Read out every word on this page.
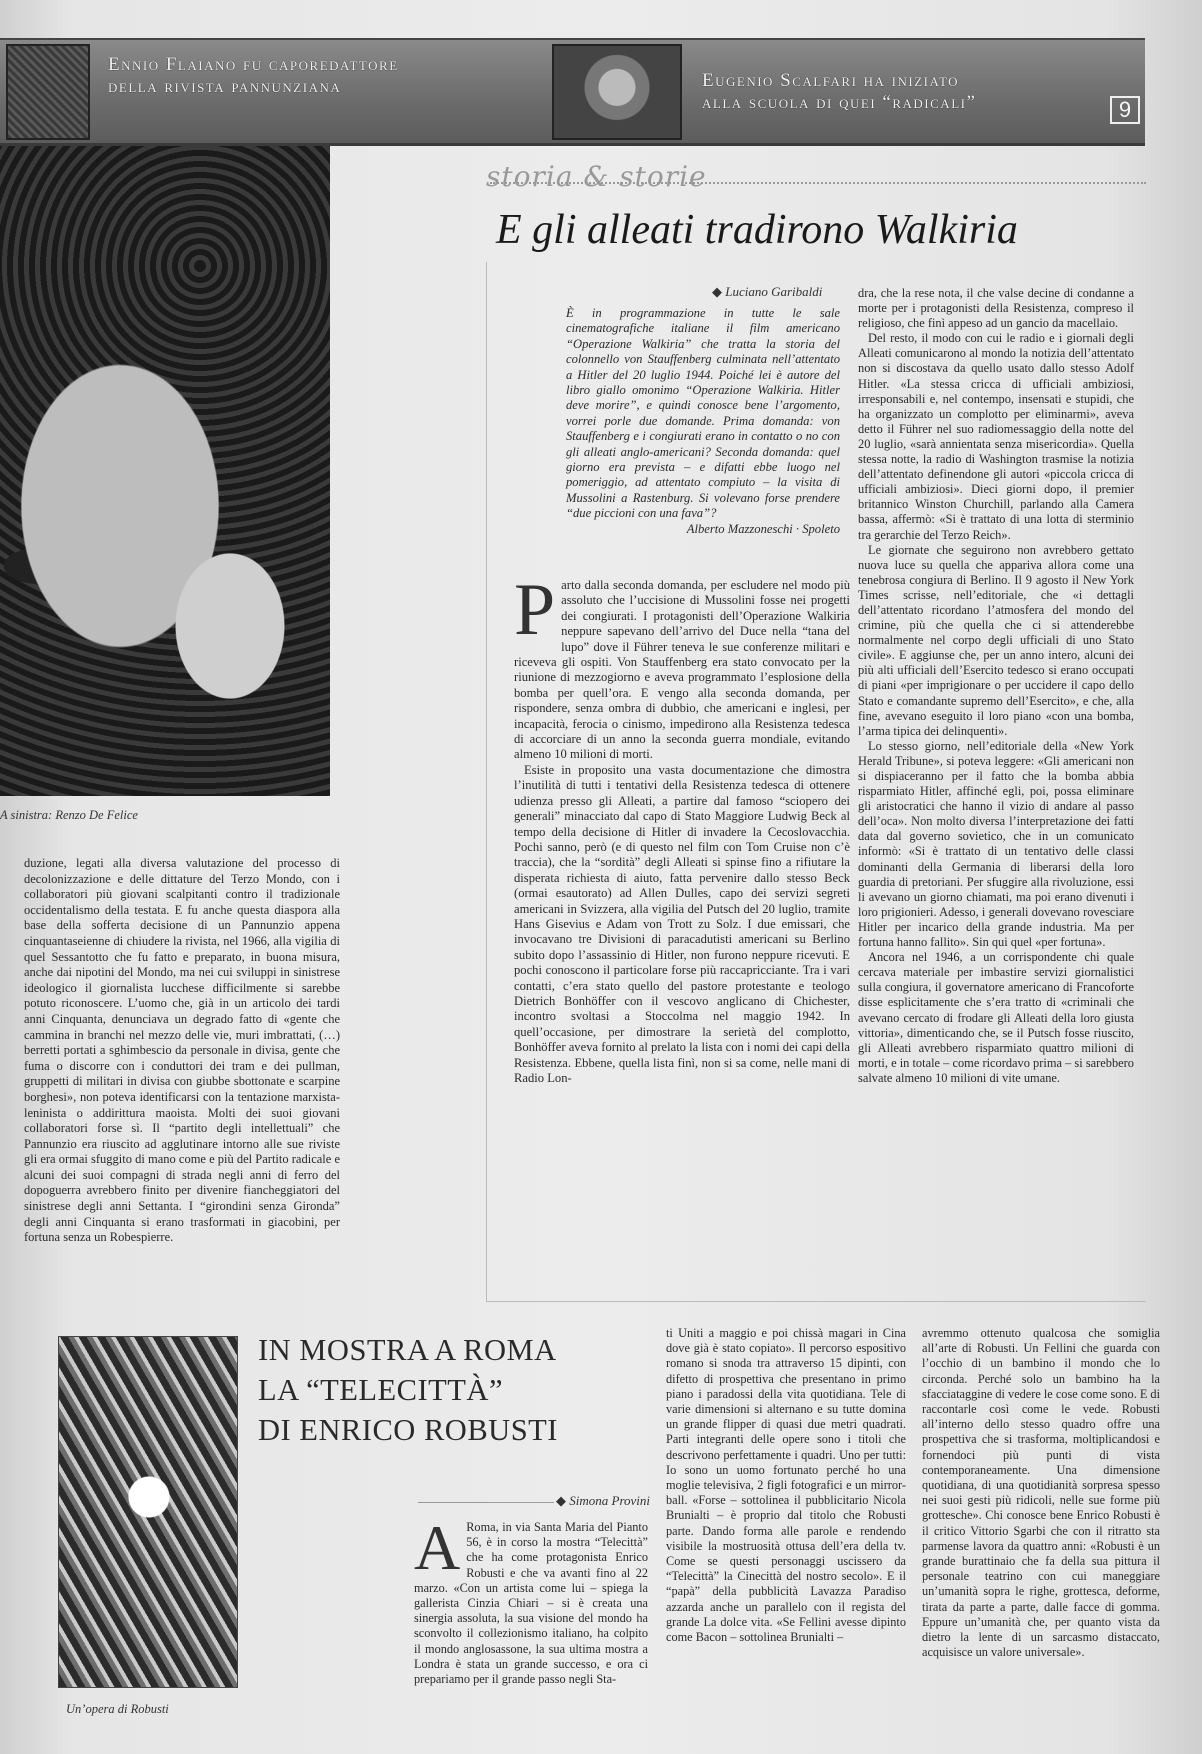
Ennio Flaiano fu caporedattore
della rivista pannunziana	Eugenio Scalfari ha iniziato
alla scuola di quei “radicali”	9
A sinistra: Renzo De Felice

duzione, legati alla diversa valutazione del processo di decolonizzazione e delle dittature del Terzo Mondo, con i collaboratori più giovani scalpitanti contro il tradizionale occidentalismo della testata. E fu anche questa diaspora alla base della sofferta decisione di un Pannunzio appena cinquantaseienne di chiudere la rivista, nel 1966, alla vigilia di quel Sessantotto che fu fatto e preparato, in buona misura, anche dai nipotini del Mondo, ma nei cui sviluppi in sinistrese ideologico il giornalista lucchese difficilmente si sarebbe potuto riconoscere. L’uomo che, già in un articolo dei tardi anni Cinquanta, denunciava un degrado fatto di «gente che cammina in branchi nel mezzo delle vie, muri imbrattati, (…) berretti portati a sghimbescio da personale in divisa, gente che fuma o discorre con i conduttori dei tram e dei pullman, gruppetti di militari in divisa con giubbe sbottonate e scarpine borghesi», non poteva identificarsi con la tentazione marxista-leninista o addirittura maoista. Molti dei suoi giovani collaboratori forse sì. Il “partito degli intellettuali” che Pannunzio era riuscito ad agglutinare intorno alle sue riviste gli era ormai sfuggito di mano come e più del Partito radicale e alcuni dei suoi compagni di strada negli anni di ferro del dopoguerra avrebbero finito per divenire fiancheggiatori del sinistrese degli anni Settanta. I “girondini senza Gironda” degli anni Cinquanta si erano trasformati in giacobini, per fortuna senza un Robespierre.

storia & storie
E gli alleati tradirono Walkiria
◆ Luciano Garibaldi

È in programmazione in tutte le sale cinematografiche italiane il film americano “Operazione Walkiria” che tratta la storia del colonnello von Stauffenberg culminata nell’attentato a Hitler del 20 luglio 1944. Poiché lei è autore del libro giallo omonimo “Operazione Walkiria. Hitler deve morire”, e quindi conosce bene l’argomento, vorrei porle due domande. Prima domanda: von Stauffenberg e i congiurati erano in contatto o no con gli alleati anglo-americani? Seconda domanda: quel giorno era prevista – e difatti ebbe luogo nel pomeriggio, ad attentato compiuto – la visita di Mussolini a Rastenburg. Si volevano forse prendere “due piccioni con una fava”?

Alberto Mazzoneschi · Spoleto

Parto dalla seconda domanda, per escludere nel modo più assoluto che l’uccisione di Mussolini fosse nei progetti dei congiurati. I protagonisti dell’Operazione Walkiria neppure sapevano dell’arrivo del Duce nella “tana del lupo” dove il Führer teneva le sue conferenze militari e riceveva gli ospiti. Von Stauffenberg era stato convocato per la riunione di mezzogiorno e aveva programmato l’esplosione della bomba per quell’ora. E vengo alla seconda domanda, per rispondere, senza ombra di dubbio, che americani e inglesi, per incapacità, ferocia o cinismo, impedirono alla Resistenza tedesca di accorciare di un anno la seconda guerra mondiale, evitando almeno 10 milioni di morti.

Esiste in proposito una vasta documentazione che dimostra l’inutilità di tutti i tentativi della Resistenza tedesca di ottenere udienza presso gli Alleati, a partire dal famoso “sciopero dei generali” minacciato dal capo di Stato Maggiore Ludwig Beck al tempo della decisione di Hitler di invadere la Cecoslovacchia. Pochi sanno, però (e di questo nel film con Tom Cruise non c’è traccia), che la “sordità” degli Alleati si spinse fino a rifiutare la disperata richiesta di aiuto, fatta pervenire dallo stesso Beck (ormai esautorato) ad Allen Dulles, capo dei servizi segreti americani in Svizzera, alla vigilia del Putsch del 20 luglio, tramite Hans Gisevius e Adam von Trott zu Solz. I due emissari, che invocavano tre Divisioni di paracadutisti americani su Berlino subito dopo l’assassinio di Hitler, non furono neppure ricevuti. E pochi conoscono il particolare forse più raccapricciante. Tra i vari contatti, c’era stato quello del pastore protestante e teologo Dietrich Bonhöffer con il vescovo anglicano di Chichester, incontro svoltasi a Stoccolma nel maggio 1942. In quell’occasione, per dimostrare la serietà del complotto, Bonhöffer aveva fornito al prelato la lista con i nomi dei capi della Resistenza. Ebbene, quella lista finì, non si sa come, nelle mani di Radio Lon-

dra, che la rese nota, il che valse decine di condanne a morte per i protagonisti della Resistenza, compreso il religioso, che finì appeso ad un gancio da macellaio.

Del resto, il modo con cui le radio e i giornali degli Alleati comunicarono al mondo la notizia dell’attentato non si discostava da quello usato dallo stesso Adolf Hitler. «La stessa cricca di ufficiali ambiziosi, irresponsabili e, nel contempo, insensati e stupidi, che ha organizzato un complotto per eliminarmi», aveva detto il Führer nel suo radiomessaggio della notte del 20 luglio, «sarà annientata senza misericordia». Quella stessa notte, la radio di Washington trasmise la notizia dell’attentato definendone gli autori «piccola cricca di ufficiali ambiziosi». Dieci giorni dopo, il premier britannico Winston Churchill, parlando alla Camera bassa, affermò: «Si è trattato di una lotta di sterminio tra gerarchie del Terzo Reich».

Le giornate che seguirono non avrebbero gettato nuova luce su quella che appariva allora come una tenebrosa congiura di Berlino. Il 9 agosto il New York Times scrisse, nell’editoriale, che «i dettagli dell’attentato ricordano l’atmosfera del mondo del crimine, più che quella che ci si attenderebbe normalmente nel corpo degli ufficiali di uno Stato civile». E aggiunse che, per un anno intero, alcuni dei più alti ufficiali dell’Esercito tedesco si erano occupati di piani «per imprigionare o per uccidere il capo dello Stato e comandante supremo dell’Esercito», e che, alla fine, avevano eseguito il loro piano «con una bomba, l’arma tipica dei delinquenti».

Lo stesso giorno, nell’editoriale della «New York Herald Tribune», si poteva leggere: «Gli americani non si dispiaceranno per il fatto che la bomba abbia risparmiato Hitler, affinché egli, poi, possa eliminare gli aristocratici che hanno il vizio di andare al passo dell’oca». Non molto diversa l’interpretazione dei fatti data dal governo sovietico, che in un comunicato informò: «Si è trattato di un tentativo delle classi dominanti della Germania di liberarsi della loro guardia di pretoriani. Per sfuggire alla rivoluzione, essi li avevano un giorno chiamati, ma poi erano divenuti i loro prigionieri. Adesso, i generali dovevano rovesciare Hitler per incarico della grande industria. Ma per fortuna hanno fallito». Sin qui quel «per fortuna».

Ancora nel 1946, a un corrispondente chi quale cercava materiale per imbastire servizi giornalistici sulla congiura, il governatore americano di Francoforte disse esplicitamente che s’era tratto di «criminali che avevano cercato di frodare gli Alleati della loro giusta vittoria», dimenticando che, se il Putsch fosse riuscito, gli Alleati avrebbero risparmiato quattro milioni di morti, e in totale – come ricordavo prima – si sarebbero salvate almeno 10 milioni di vite umane.

Un’opera di Robusti
IN MOSTRA A ROMA
LA “TELECITTÀ”
DI ENRICO ROBUSTI
◆ Simona Provini

A Roma, in via Santa Maria del Pianto 56, è in corso la mostra “Telecittà” che ha come protagonista Enrico Robusti e che va avanti fino al 22 marzo. «Con un artista come lui – spiega la gallerista Cinzia Chiari – si è creata una sinergia assoluta, la sua visione del mondo ha sconvolto il collezionismo italiano, ha colpito il mondo anglosassone, la sua ultima mostra a Londra è stata un grande successo, e ora ci prepariamo per il grande passo negli Sta-

ti Uniti a maggio e poi chissà magari in Cina dove già è stato copiato». Il percorso espositivo romano si snoda tra attraverso 15 dipinti, con difetto di prospettiva che presentano in primo piano i paradossi della vita quotidiana. Tele di varie dimensioni si alternano e su tutte domina un grande flipper di quasi due metri quadrati. Parti integranti delle opere sono i titoli che descrivono perfettamente i quadri. Uno per tutti: Io sono un uomo fortunato perché ho una moglie televisiva, 2 figli fotografici e un mirror-ball. «Forse – sottolinea il pubblicitario Nicola Brunialti – è proprio dal titolo che Robusti parte. Dando forma alle parole e rendendo visibile la mostruosità ottusa dell’era della tv. Come se questi personaggi uscissero da “Telecittà” la Cinecittà del nostro secolo». E il “papà” della pubblicità Lavazza Paradiso azzarda anche un parallelo con il regista del grande La dolce vita. «Se Fellini avesse dipinto come Bacon – sottolinea Brunialti –

avremmo ottenuto qualcosa che somiglia all’arte di Robusti. Un Fellini che guarda con l’occhio di un bambino il mondo che lo circonda. Perché solo un bambino ha la sfacciataggine di vedere le cose come sono. E di raccontarle così come le vede. Robusti all’interno dello stesso quadro offre una prospettiva che si trasforma, moltiplicandosi e fornendoci più punti di vista contemporaneamente. Una dimensione quotidiana, di una quotidianità sorpresa spesso nei suoi gesti più ridicoli, nelle sue forme più grottesche». Chi conosce bene Enrico Robusti è il critico Vittorio Sgarbi che con il ritratto sta parmense lavora da quattro anni: «Robusti è un grande burattinaio che fa della sua pittura il personale teatrino con cui maneggiare un’umanità sopra le righe, grottesca, deforme, tirata da parte a parte, dalle facce di gomma. Eppure un’umanità che, per quanto vista da dietro la lente di un sarcasmo distaccato, acquisisce un valore universale».
